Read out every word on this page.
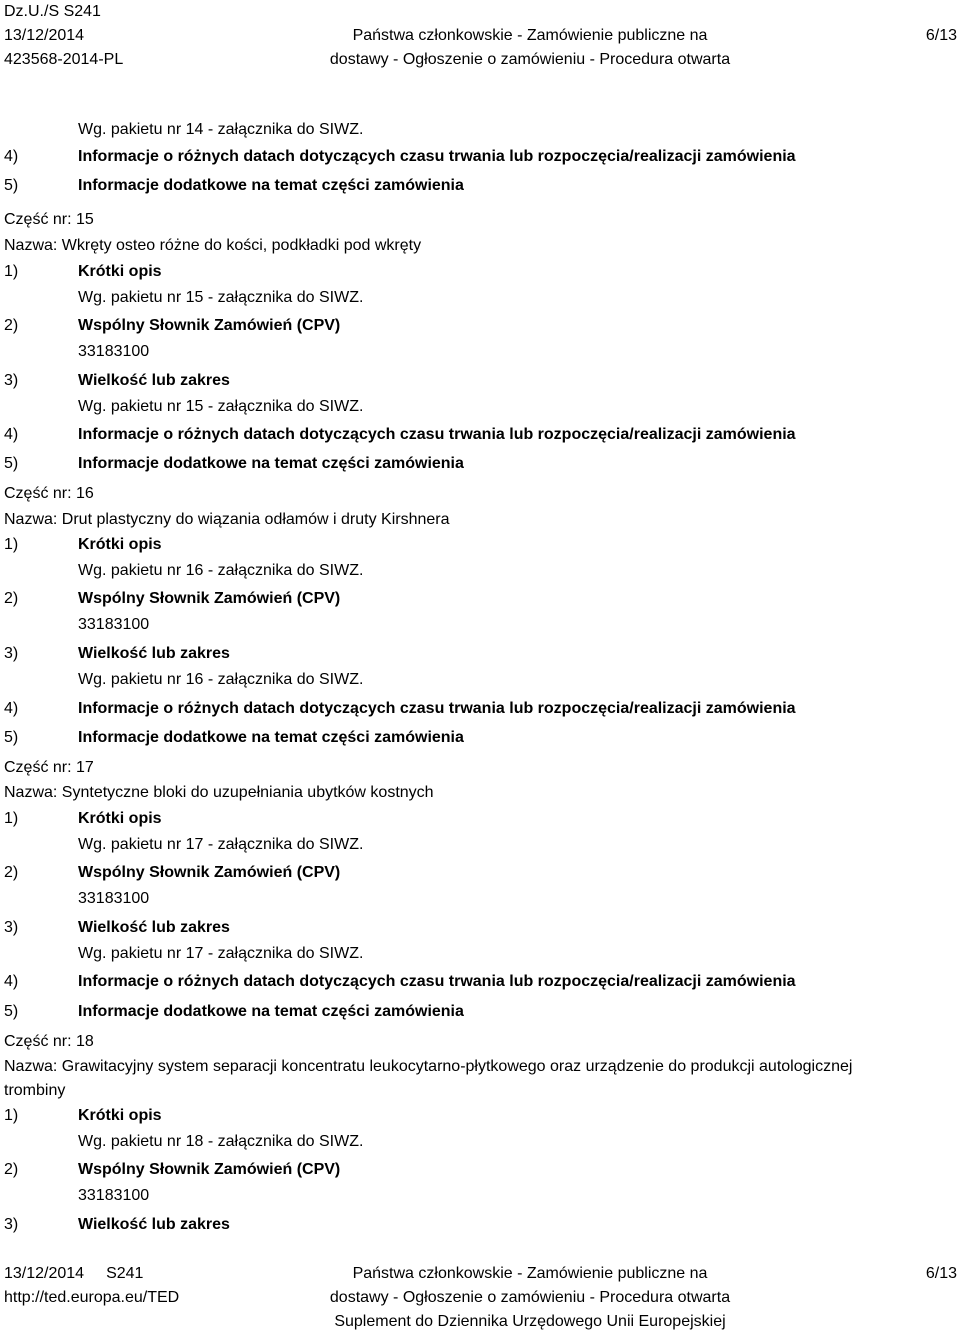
Dz.U./S S241
13/12/2014
423568-2014-PL
Państwa członkowskie - Zamówienie publiczne na
dostawy - Ogłoszenie o zamówieniu - Procedura otwarta
6/13
Wg. pakietu nr 14 - załącznika do SIWZ.
4)	Informacje o różnych datach dotyczących czasu trwania lub rozpoczęcia/realizacji zamówienia
5)	Informacje dodatkowe na temat części zamówienia
Część nr: 15
Nazwa: Wkręty osteo różne do kości, podkładki pod wkręty
1)	Krótki opis
Wg. pakietu nr 15 - załącznika do SIWZ.
2)	Wspólny Słownik Zamówień (CPV)
33183100
3)	Wielkość lub zakres
Wg. pakietu nr 15 - załącznika do SIWZ.
4)	Informacje o różnych datach dotyczących czasu trwania lub rozpoczęcia/realizacji zamówienia
5)	Informacje dodatkowe na temat części zamówienia
Część nr: 16
Nazwa: Drut plastyczny do wiązania odłamów i druty Kirshnera
1)	Krótki opis
Wg. pakietu nr 16 - załącznika do SIWZ.
2)	Wspólny Słownik Zamówień (CPV)
33183100
3)	Wielkość lub zakres
Wg. pakietu nr 16 - załącznika do SIWZ.
4)	Informacje o różnych datach dotyczących czasu trwania lub rozpoczęcia/realizacji zamówienia
5)	Informacje dodatkowe na temat części zamówienia
Część nr: 17
Nazwa: Syntetyczne bloki do uzupełniania ubytków kostnych
1)	Krótki opis
Wg. pakietu nr 17 - załącznika do SIWZ.
2)	Wspólny Słownik Zamówień (CPV)
33183100
3)	Wielkość lub zakres
Wg. pakietu nr 17 - załącznika do SIWZ.
4)	Informacje o różnych datach dotyczących czasu trwania lub rozpoczęcia/realizacji zamówienia
5)	Informacje dodatkowe na temat części zamówienia
Część nr: 18
Nazwa: Grawitacyjny system separacji koncentratu leukocytarno-płytkowego oraz urządzenie do produkcji autologicznej
trombiny
1)	Krótki opis
Wg. pakietu nr 18 - załącznika do SIWZ.
2)	Wspólny Słownik Zamówień (CPV)
33183100
3)	Wielkość lub zakres
13/12/2014 S241
http://ted.europa.eu/TED
Państwa członkowskie - Zamówienie publiczne na
dostawy - Ogłoszenie o zamówieniu - Procedura otwarta
Suplement do Dziennika Urzędowego Unii Europejskiej
6/13
